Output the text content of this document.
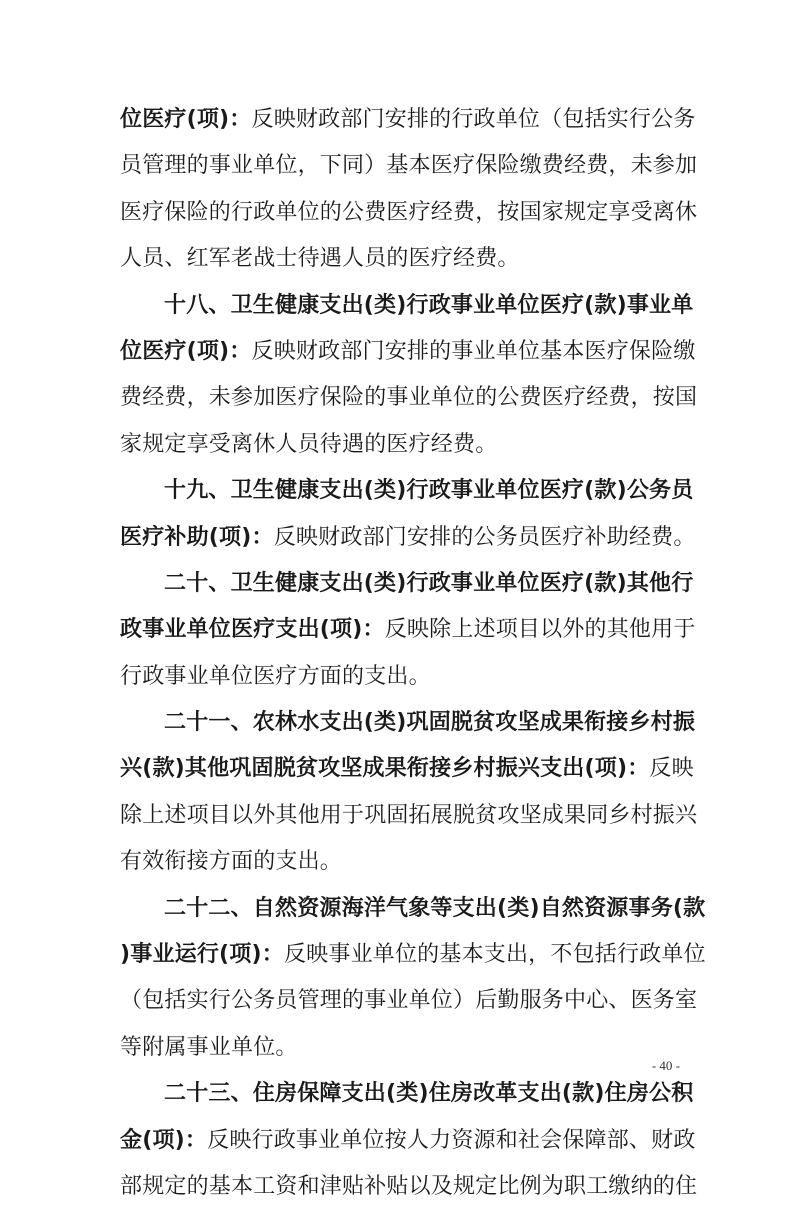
位医疗(项)：反映财政部门安排的行政单位（包括实行公务
员管理的事业单位，下同）基本医疗保险缴费经费，未参加
医疗保险的行政单位的公费医疗经费，按国家规定享受离休
人员、红军老战士待遇人员的医疗经费。
十八、卫生健康支出(类)行政事业单位医疗(款)事业单
位医疗(项)：反映财政部门安排的事业单位基本医疗保险缴
费经费，未参加医疗保险的事业单位的公费医疗经费，按国
家规定享受离休人员待遇的医疗经费。
十九、卫生健康支出(类)行政事业单位医疗(款)公务员
医疗补助(项)：反映财政部门安排的公务员医疗补助经费。
二十、卫生健康支出(类)行政事业单位医疗(款)其他行
政事业单位医疗支出(项)：反映除上述项目以外的其他用于
行政事业单位医疗方面的支出。
二十一、农林水支出(类)巩固脱贫攻坚成果衔接乡村振
兴(款)其他巩固脱贫攻坚成果衔接乡村振兴支出(项)：反映
除上述项目以外其他用于巩固拓展脱贫攻坚成果同乡村振兴
有效衔接方面的支出。
二十二、自然资源海洋气象等支出(类)自然资源事务(款
)事业运行(项)：反映事业单位的基本支出，不包括行政单位
（包括实行公务员管理的事业单位）后勤服务中心、医务室
等附属事业单位。
二十三、住房保障支出(类)住房改革支出(款)住房公积
金(项)：反映行政事业单位按人力资源和社会保障部、财政
部规定的基本工资和津贴补贴以及规定比例为职工缴纳的住
- 40 -
